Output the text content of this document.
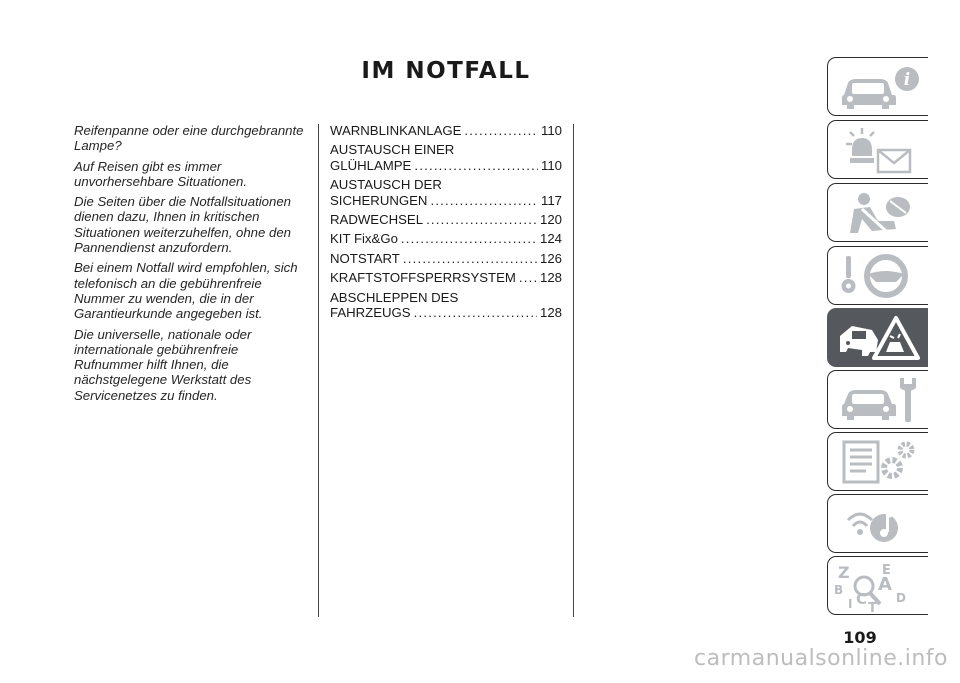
IM NOTFALL

Reifenpanne oder eine durchgebrannte Lampe?

Auf Reisen gibt es immer unvorhersehbare Situationen.

Die Seiten über die Notfallsituationen dienen dazu, Ihnen in kritischen Situationen weiterzuhelfen, ohne den Pannendienst anzufordern.

Bei einem Notfall wird empfohlen, sich telefonisch an die gebührenfreie Nummer zu wenden, die in der Garantieurkunde angegeben ist.

Die universelle, nationale oder internationale gebührenfreie Rufnummer hilft Ihnen, die nächstgelegene Werkstatt des Servicenetzes zu finden.

WARNBLINKANLAGE .....	110
AUSTAUSCH EINER
GLÜHLAMPE .....	110
AUSTAUSCH DER
SICHERUNGEN .....	117
RADWECHSEL .....	120
KIT Fix&Go .....	124
NOTSTART .....	126
KRAFTSTOFFSPERRSYSTEM ..... 128
ABSCHLEPPEN DES
FAHRZEUGS .....	128
i
Z E
B A
I C
T
D
109
carmanualsonline.info
